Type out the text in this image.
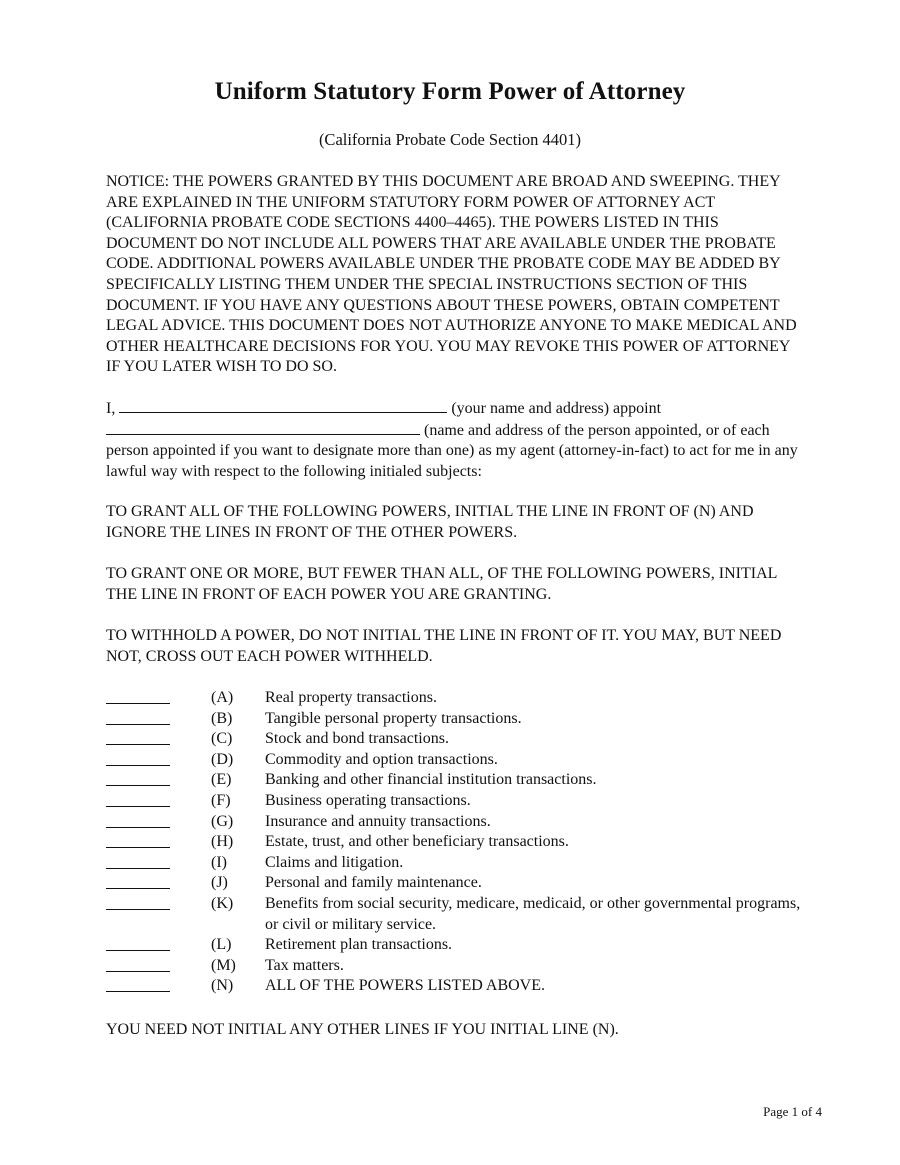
Uniform Statutory Form Power of Attorney
(California Probate Code Section 4401)
NOTICE: THE POWERS GRANTED BY THIS DOCUMENT ARE BROAD AND SWEEPING. THEY ARE EXPLAINED IN THE UNIFORM STATUTORY FORM POWER OF ATTORNEY ACT (CALIFORNIA PROBATE CODE SECTIONS 4400–4465). THE POWERS LISTED IN THIS DOCUMENT DO NOT INCLUDE ALL POWERS THAT ARE AVAILABLE UNDER THE PROBATE CODE. ADDITIONAL POWERS AVAILABLE UNDER THE PROBATE CODE MAY BE ADDED BY SPECIFICALLY LISTING THEM UNDER THE SPECIAL INSTRUCTIONS SECTION OF THIS DOCUMENT. IF YOU HAVE ANY QUESTIONS ABOUT THESE POWERS, OBTAIN COMPETENT LEGAL ADVICE. THIS DOCUMENT DOES NOT AUTHORIZE ANYONE TO MAKE MEDICAL AND OTHER HEALTHCARE DECISIONS FOR YOU. YOU MAY REVOKE THIS POWER OF ATTORNEY IF YOU LATER WISH TO DO SO.
I,	(your name and address) appoint  (name and address of the person appointed, or of each person appointed if you want to designate more than one) as my agent (attorney-in-fact) to act for me in any lawful way with respect to the following initialed subjects:
TO GRANT ALL OF THE FOLLOWING POWERS, INITIAL THE LINE IN FRONT OF (N) AND IGNORE THE LINES IN FRONT OF THE OTHER POWERS.
TO GRANT ONE OR MORE, BUT FEWER THAN ALL, OF THE FOLLOWING POWERS, INITIAL THE LINE IN FRONT OF EACH POWER YOU ARE GRANTING.
TO WITHHOLD A POWER, DO NOT INITIAL THE LINE IN FRONT OF IT. YOU MAY, BUT NEED NOT, CROSS OUT EACH POWER WITHHELD.
(A)	Real property transactions.
(B)	Tangible personal property transactions.
(C)	Stock and bond transactions.
(D)	Commodity and option transactions.
(E)	Banking and other financial institution transactions.
(F)	Business operating transactions.
(G)	Insurance and annuity transactions.
(H)	Estate, trust, and other beneficiary transactions.
(I)	Claims and litigation.
(J)	Personal and family maintenance.
(K)	Benefits from social security, medicare, medicaid, or other governmental programs, or civil or military service.
(L)	Retirement plan transactions.
(M)	Tax matters.
(N)	ALL OF THE POWERS LISTED ABOVE.
YOU NEED NOT INITIAL ANY OTHER LINES IF YOU INITIAL LINE (N).
Page 1 of 4
